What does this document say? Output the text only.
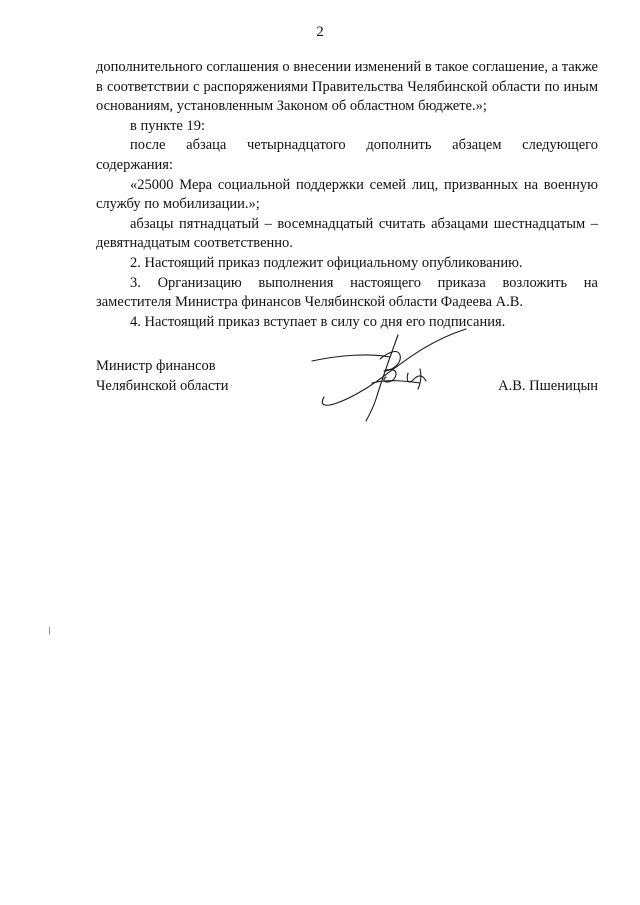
2

дополнительного соглашения о внесении изменений в такое соглашение, а также в соответствии с распоряжениями Правительства Челябинской области по иным основаниям, установленным Законом об областном бюджете.»;

в пункте 19:

после абзаца четырнадцатого дополнить абзацем следующего

содержания:

«25000 Мера социальной поддержки семей лиц, призванных на военную службу по мобилизации.»;

абзацы пятнадцатый – восемнадцатый считать абзацами шестнадцатым – девятнадцатым соответственно.

2. Настоящий приказ подлежит официальному опубликованию.

3. Организацию выполнения настоящего приказа возложить на заместителя Министра финансов Челябинской области Фадеева А.В.

4. Настоящий приказ вступает в силу со дня его подписания.

Министр финансов
Челябинской области	А.В. Пшеницын
